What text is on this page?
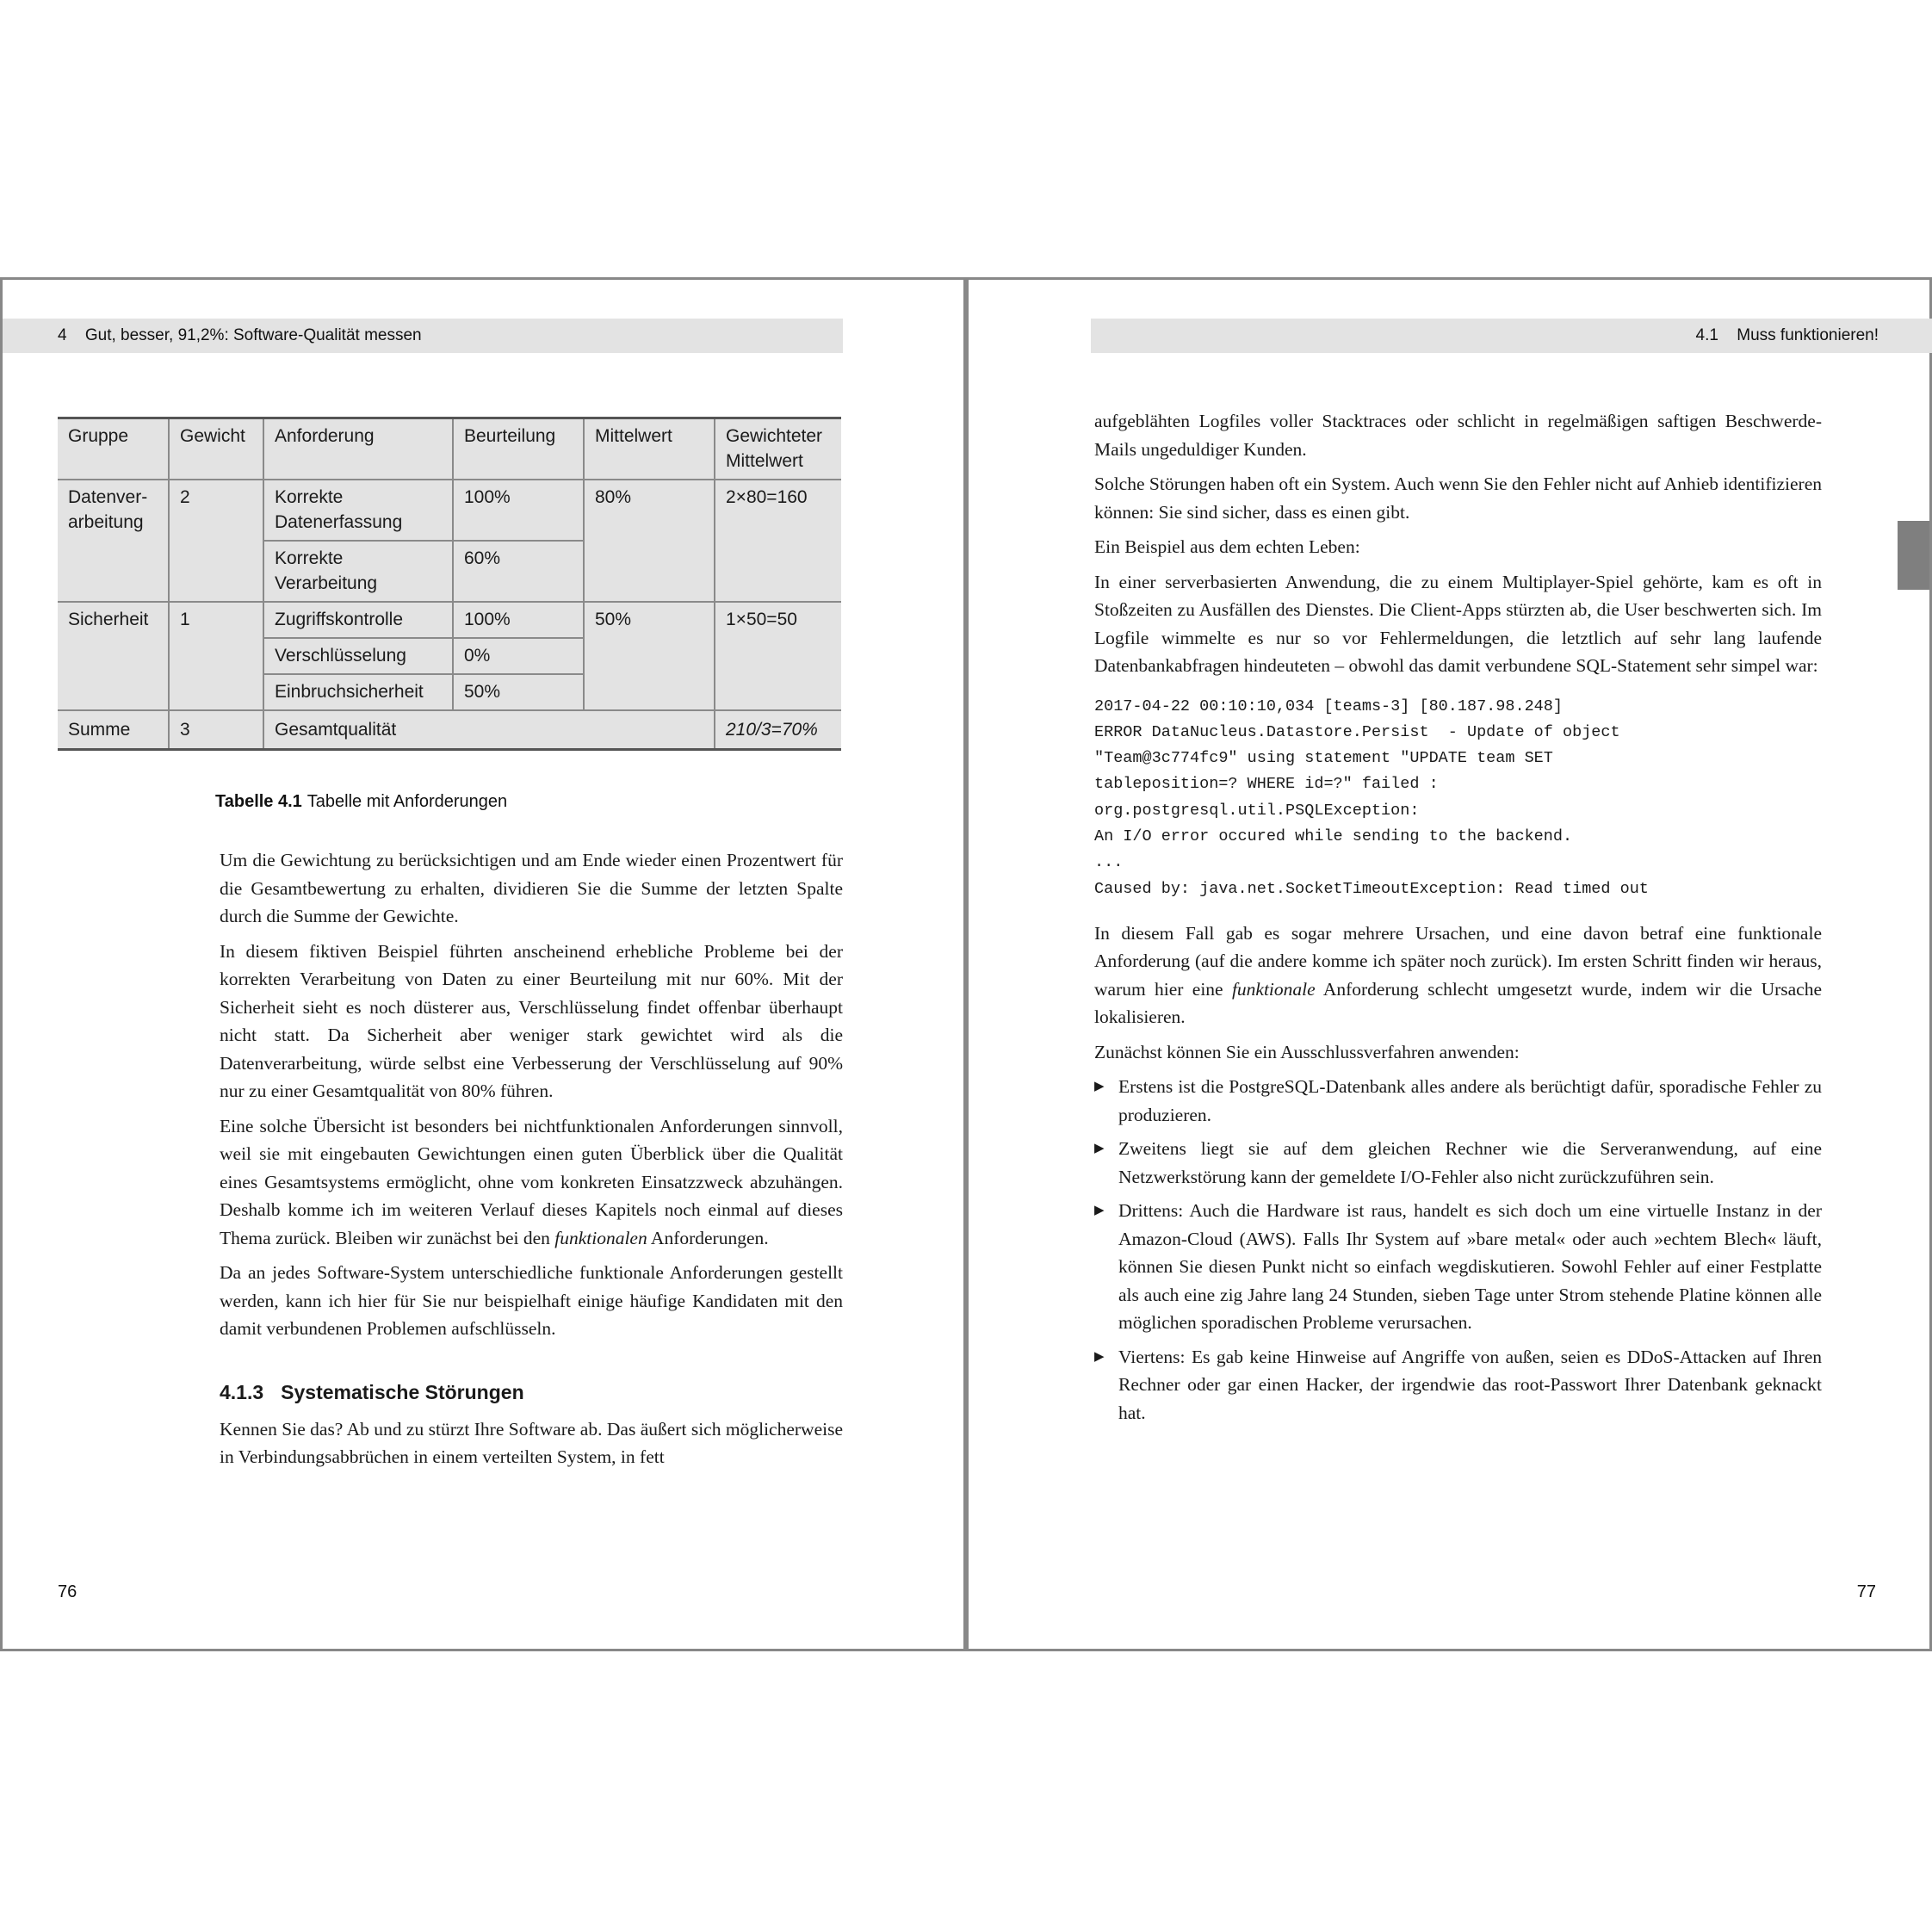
4 Gut, besser, 91,2%: Software-Qualität messen
Gruppe	Gewicht	Anforderung	Beurteilung	Mittelwert	Gewichteter Mittelwert
Datenver-arbeitung	2	Korrekte Datenerfassung	100%	80%	2×80=160
		Korrekte Verarbeitung	60%		
Sicherheit	1	Zugriffskontrolle	100%	50%	1×50=50
		Verschlüsselung	0%		
		Einbruchsicherheit	50%		
Summe	3	Gesamtqualität			210/3=70%
Tabelle 4.1 Tabelle mit Anforderungen

Um die Gewichtung zu berücksichtigen und am Ende wieder einen Prozentwert für die Gesamtbewertung zu erhalten, dividieren Sie die Summe der letzten Spalte durch die Summe der Gewichte.

In diesem fiktiven Beispiel führten anscheinend erhebliche Probleme bei der korrekten Verarbeitung von Daten zu einer Beurteilung mit nur 60%. Mit der Sicherheit sieht es noch düsterer aus, Verschlüsselung findet offenbar überhaupt nicht statt. Da Sicherheit aber weniger stark gewichtet wird als die Datenverarbeitung, würde selbst eine Verbesserung der Verschlüsselung auf 90% nur zu einer Gesamtqualität von 80% führen.

Eine solche Übersicht ist besonders bei nichtfunktionalen Anforderungen sinnvoll, weil sie mit eingebauten Gewichtungen einen guten Überblick über die Qualität eines Gesamtsystems ermöglicht, ohne vom konkreten Einsatzzweck abzuhängen. Deshalb komme ich im weiteren Verlauf dieses Kapitels noch einmal auf dieses Thema zurück. Bleiben wir zunächst bei den funktionalen Anforderungen.

Da an jedes Software-System unterschiedliche funktionale Anforderungen gestellt werden, kann ich hier für Sie nur beispielhaft einige häufige Kandidaten mit den damit verbundenen Problemen aufschlüsseln.

4.1.3 Systematische Störungen

Kennen Sie das? Ab und zu stürzt Ihre Software ab. Das äußert sich möglicherweise in Verbindungsabbrüchen in einem verteilten System, in fett

76
4.1 Muss funktionieren!

aufgeblähten Logfiles voller Stacktraces oder schlicht in regelmäßigen saftigen Beschwerde-Mails ungeduldiger Kunden.

Solche Störungen haben oft ein System. Auch wenn Sie den Fehler nicht auf Anhieb identifizieren können: Sie sind sicher, dass es einen gibt.

Ein Beispiel aus dem echten Leben:

In einer serverbasierten Anwendung, die zu einem Multiplayer-Spiel gehörte, kam es oft in Stoßzeiten zu Ausfällen des Dienstes. Die Client-Apps stürzten ab, die User beschwerten sich. Im Logfile wimmelte es nur so vor Fehlermeldungen, die letztlich auf sehr lang laufende Datenbankabfragen hindeuteten – obwohl das damit verbundene SQL-Statement sehr simpel war:

2017-04-22 00:10:10,034 [teams-3] [80.187.98.248]
ERROR DataNucleus.Datastore.Persist  - Update of object
"Team@3c774fc9" using statement "UPDATE team SET
tableposition=? WHERE id=?" failed :
org.postgresql.util.PSQLException:
An I/O error occured while sending to the backend.
...
Caused by: java.net.SocketTimeoutException: Read timed out

In diesem Fall gab es sogar mehrere Ursachen, und eine davon betraf eine funktionale Anforderung (auf die andere komme ich später noch zurück). Im ersten Schritt finden wir heraus, warum hier eine funktionale Anforderung schlecht umgesetzt wurde, indem wir die Ursache lokalisieren.

Zunächst können Sie ein Ausschlussverfahren anwenden:

▶ Erstens ist die PostgreSQL-Datenbank alles andere als berüchtigt dafür, sporadische Fehler zu produzieren.
▶ Zweitens liegt sie auf dem gleichen Rechner wie die Serveranwendung, auf eine Netzwerkstörung kann der gemeldete I/O-Fehler also nicht zurückzuführen sein.
▶ Drittens: Auch die Hardware ist raus, handelt es sich doch um eine virtuelle Instanz in der Amazon-Cloud (AWS). Falls Ihr System auf »bare metal« oder auch »echtem Blech« läuft, können Sie diesen Punkt nicht so einfach wegdiskutieren. Sowohl Fehler auf einer Festplatte als auch eine zig Jahre lang 24 Stunden, sieben Tage unter Strom stehende Platine können alle möglichen sporadischen Probleme verursachen.
▶ Viertens: Es gab keine Hinweise auf Angriffe von außen, seien es DDoS-Attacken auf Ihren Rechner oder gar einen Hacker, der irgendwie das root-Passwort Ihrer Datenbank geknackt hat.
77
